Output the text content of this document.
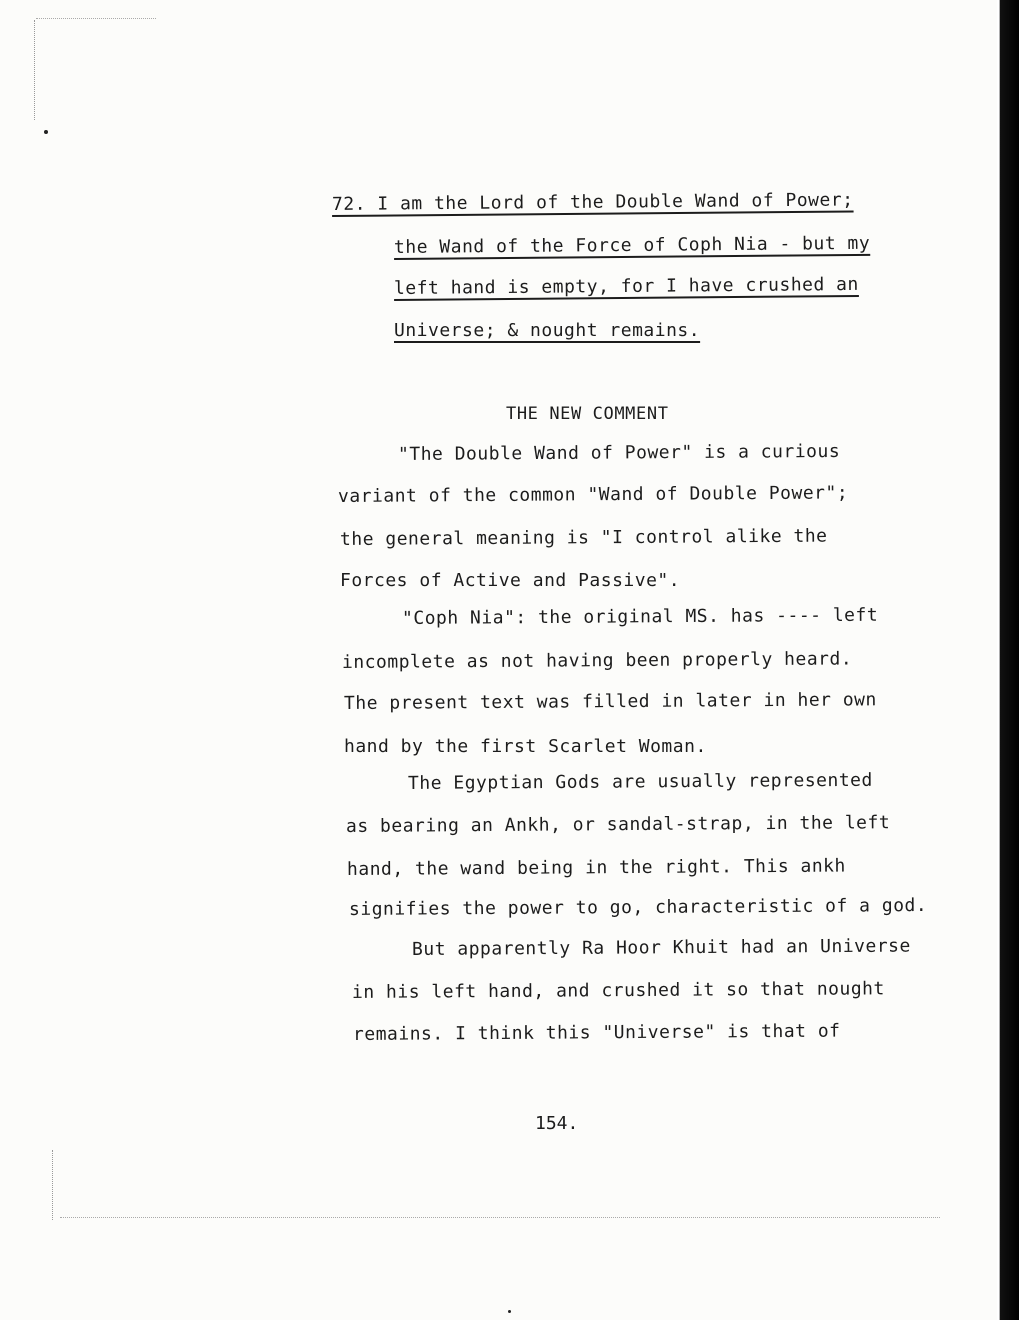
72. I am the Lord of the Double Wand of Power;
the Wand of the Force of Coph Nia - but my
left hand is empty, for I have crushed an
Universe; & nought remains.
THE NEW COMMENT
"The Double Wand of Power" is a curious
variant of the common "Wand of Double Power";
the general meaning is "I control alike the
Forces of Active and Passive".
"Coph Nia": the original MS. has ---- left
incomplete as not having been properly heard.
The present text was filled in later in her own
hand by the first Scarlet Woman.
The Egyptian Gods are usually represented
as bearing an Ankh, or sandal-strap, in the left
hand, the wand being in the right. This ankh
signifies the power to go, characteristic of a god.
But apparently Ra Hoor Khuit had an Universe
in his left hand, and crushed it so that nought
remains. I think this "Universe" is that of
154.
